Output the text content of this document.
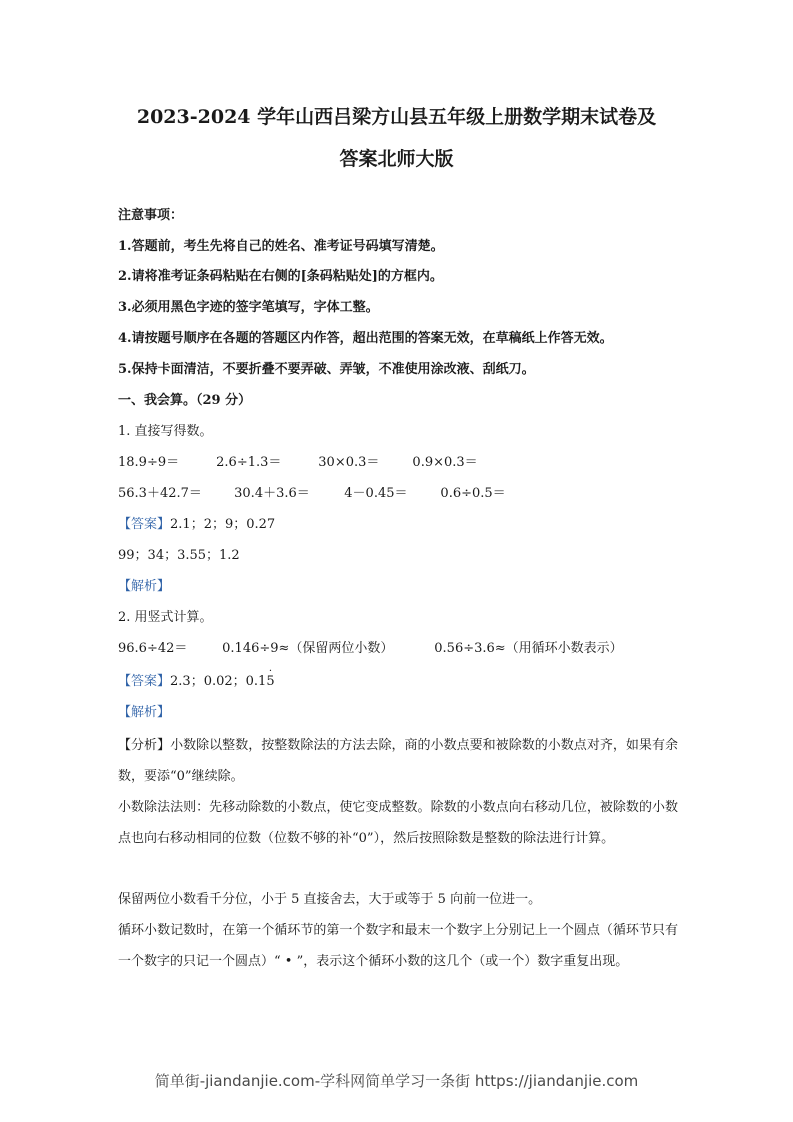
2023-2024 学年山西吕梁方山县五年级上册数学期末试卷及
答案北师大版

注意事项：

1.答题前，考生先将自己的姓名、准考证号码填写清楚。

2.请将准考证条码粘贴在右侧的[条码粘贴处]的方框内。

3.必须用黑色字迹的签字笔填写，字体工整。

4.请按题号顺序在各题的答题区内作答，超出范围的答案无效，在草稿纸上作答无效。

5.保持卡面清洁，不要折叠不要弄破、弄皱，不准使用涂改液、刮纸刀。

一、我会算。（29 分）

1. 直接写得数。

18.9÷9＝	2.6÷1.3＝	30×0.3＝	0.9×0.3＝
56.3＋42.7＝ 30.4＋3.6＝	4－0.45＝	0.6÷0.5＝

【答案】2.1；2；9；0.27

99；34；3.55；1.2

【解析】

2. 用竖式计算。

96.6÷42＝	0.146÷9≈（保留两位小数）	0.56÷3.6≈（用循环小数表示）

【答案】2.3；0.02；0.1
·
5

【解析】

【分析】小数除以整数，按整数除法的方法去除，商的小数点要和被除数的小数点对齐，如果有余数，要添“0”继续除。

小数除法法则：先移动除数的小数点，使它变成整数。除数的小数点向右移动几位，被除数的小数点也向右移动相同的位数（位数不够的补“0”），然后按照除数是整数的除法进行计算。

保留两位小数看千分位，小于 5 直接舍去，大于或等于 5 向前一位进一。

循环小数记数时，在第一个循环节的第一个数字和最末一个数字上分别记上一个圆点（循环节只有一个数字的只记一个圆点）“ • ”，表示这个循环小数的这几个（或一个）数字重复出现。

简单街-jiandanjie.com-学科网简单学习一条街 https://jiandanjie.com
